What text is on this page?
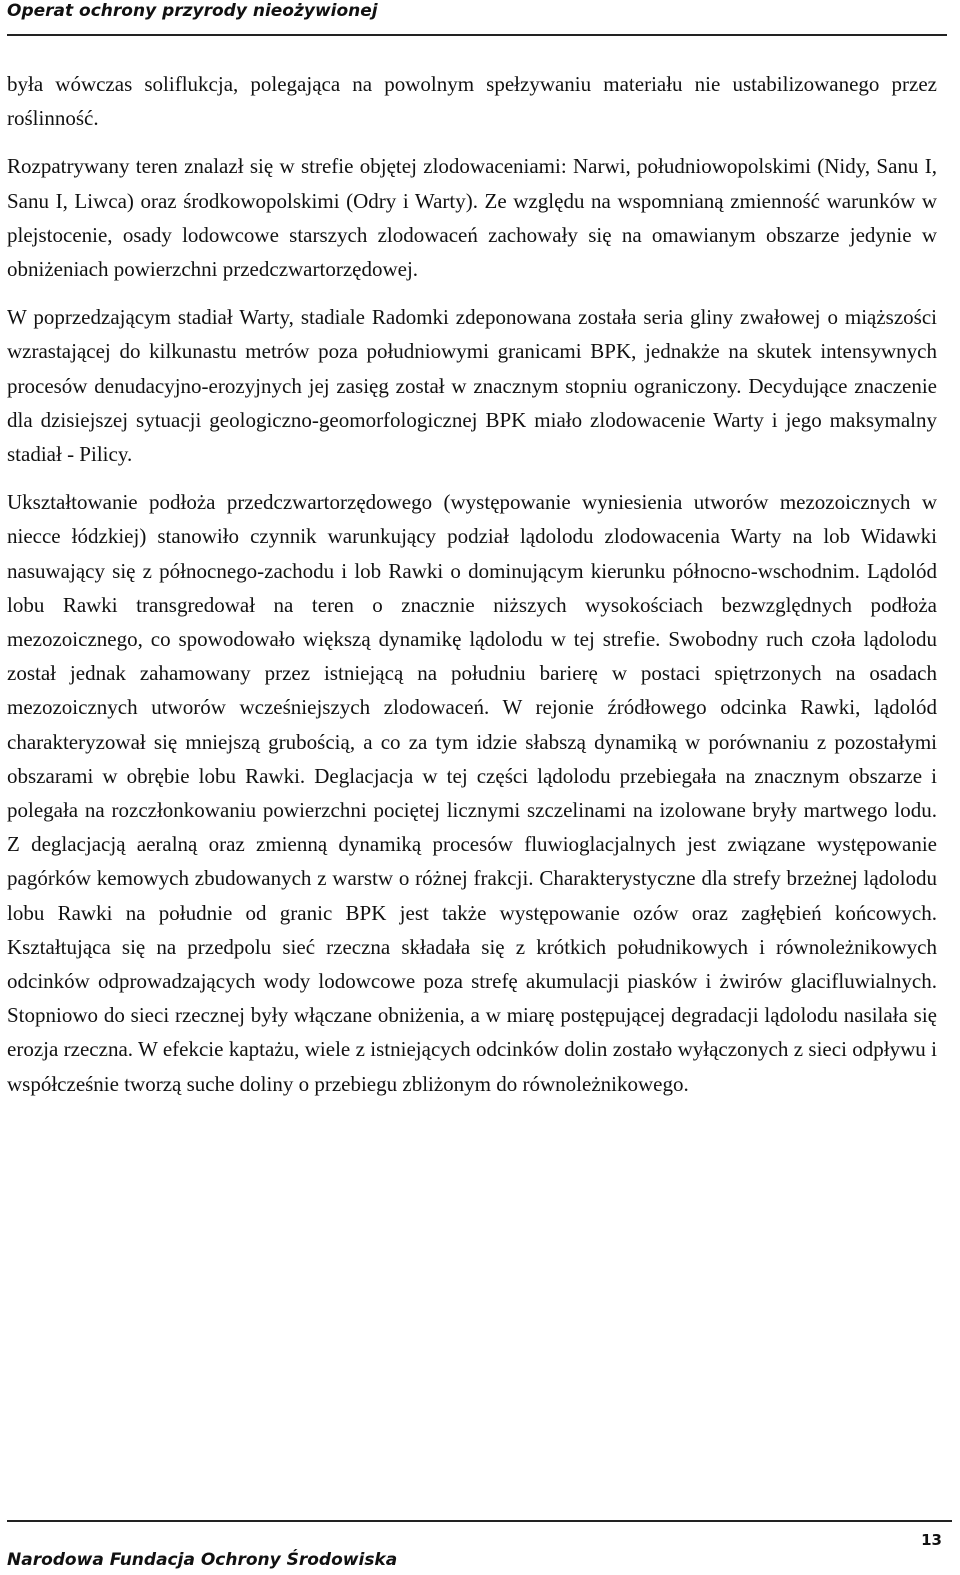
Operat ochrony przyrody nieożywionej

była wówczas soliflukcja, polegająca na powolnym spełzywaniu materiału nie ustabilizowanego przez roślinność.

Rozpatrywany teren znalazł się w strefie objętej zlodowaceniami: Narwi, południowopolskimi (Nidy, Sanu I, Sanu I, Liwca) oraz środkowopolskimi (Odry i Warty). Ze względu na wspomnianą zmienność warunków w plejstocenie, osady lodowcowe starszych zlodowaceń zachowały się na omawianym obszarze jedynie w obniżeniach powierzchni przedczwartorzędowej.

W poprzedzającym stadiał Warty, stadiale Radomki zdeponowana została seria gliny zwałowej o miąższości wzrastającej do kilkunastu metrów poza południowymi granicami BPK, jednakże na skutek intensywnych procesów denudacyjno-erozyjnych jej zasięg został w znacznym stopniu ograniczony. Decydujące znaczenie dla dzisiejszej sytuacji geologiczno-geomorfologicznej BPK miało zlodowacenie Warty i jego maksymalny stadiał - Pilicy.

Ukształtowanie podłoża przedczwartorzędowego (występowanie wyniesienia utworów mezozoicznych w niecce łódzkiej) stanowiło czynnik warunkujący podział lądolodu zlodowacenia Warty na lob Widawki nasuwający się z północnego-zachodu i lob Rawki o dominującym kierunku północno-wschodnim. Lądolód lobu Rawki transgredował na teren o znacznie niższych wysokościach bezwzględnych podłoża mezozoicznego, co spowodowało większą dynamikę lądolodu w tej strefie. Swobodny ruch czoła lądolodu został jednak zahamowany przez istniejącą na południu barierę w postaci spiętrzonych na osadach mezozoicznych utworów wcześniejszych zlodowaceń. W rejonie źródłowego odcinka Rawki, lądolód charakteryzował się mniejszą grubością, a co za tym idzie słabszą dynamiką w porównaniu z pozostałymi obszarami w obrębie lobu Rawki. Deglacjacja w tej części lądolodu przebiegała na znacznym obszarze i polegała na rozczłonkowaniu powierzchni pociętej licznymi szczelinami na izolowane bryły martwego lodu. Z deglacjacją aeralną oraz zmienną dynamiką procesów fluwioglacjalnych jest związane występowanie pagórków kemowych zbudowanych z warstw o różnej frakcji. Charakterystyczne dla strefy brzeżnej lądolodu lobu Rawki na południe od granic BPK jest także występowanie ozów oraz zagłębień końcowych. Kształtująca się na przedpolu sieć rzeczna składała się z krótkich południkowych i równoleżnikowych odcinków odprowadzających wody lodowcowe poza strefę akumulacji piasków i żwirów glacifluwialnych. Stopniowo do sieci rzecznej były włączane obniżenia, a w miarę postępującej degradacji lądolodu nasilała się erozja rzeczna. W efekcie kaptażu, wiele z istniejących odcinków dolin zostało wyłączonych z sieci odpływu i współcześnie tworzą suche doliny o przebiegu zbliżonym do równoleżnikowego.

Narodowa Fundacja Ochrony Środowiska
13
